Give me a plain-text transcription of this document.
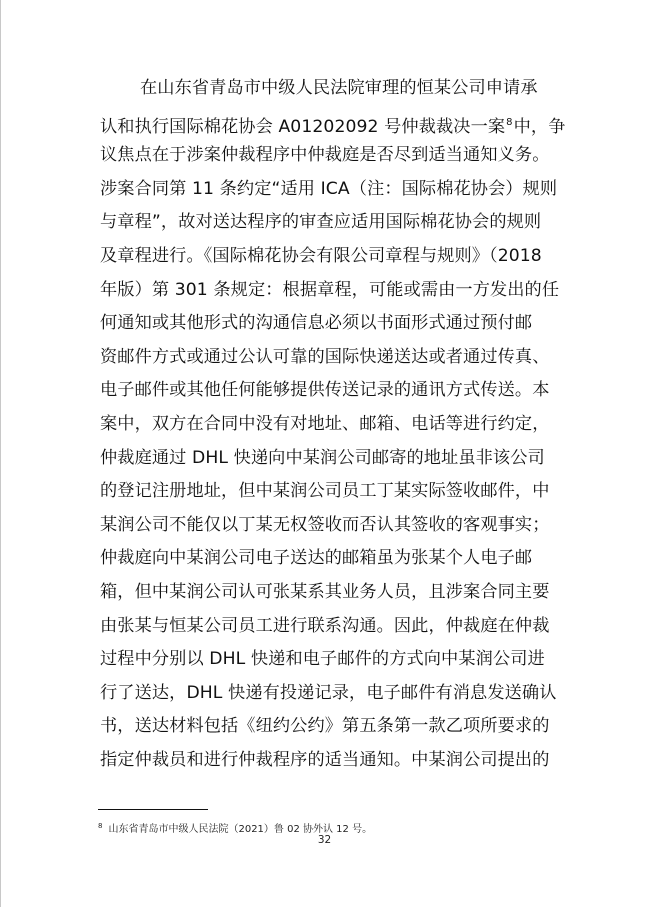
在山东省青岛市中级人民法院审理的恒某公司申请承
认和执行国际棉花协会 A01202092 号仲裁裁决一案$^8$中，争
议焦点在于涉案仲裁程序中仲裁庭是否尽到适当通知义务。
涉案合同第 11 条约定“适用 ICA（注：国际棉花协会）规则
与章程”，故对送达程序的审查应适用国际棉花协会的规则
及章程进行。《国际棉花协会有限公司章程与规则》（2018
年版）第 301 条规定：根据章程，可能或需由一方发出的任
何通知或其他形式的沟通信息必须以书面形式通过预付邮
资邮件方式或通过公认可靠的国际快递送达或者通过传真、
电子邮件或其他任何能够提供传送记录的通讯方式传送。本
案中，双方在合同中没有对地址、邮箱、电话等进行约定，
仲裁庭通过 DHL 快递向中某润公司邮寄的地址虽非该公司
的登记注册地址，但中某润公司员工丁某实际签收邮件，中
某润公司不能仅以丁某无权签收而否认其签收的客观事实；
仲裁庭向中某润公司电子送达的邮箱虽为张某个人电子邮
箱，但中某润公司认可张某系其业务人员，且涉案合同主要
由张某与恒某公司员工进行联系沟通。因此，仲裁庭在仲裁
过程中分别以 DHL 快递和电子邮件的方式向中某润公司进
行了送达，DHL 快递有投递记录，电子邮件有消息发送确认
书，送达材料包括《纽约公约》第五条第一款乙项所要求的
指定仲裁员和进行仲裁程序的适当通知。中某润公司提出的
$^8$ 山东省青岛市中级人民法院（2021）鲁 02 协外认 12 号。
32
